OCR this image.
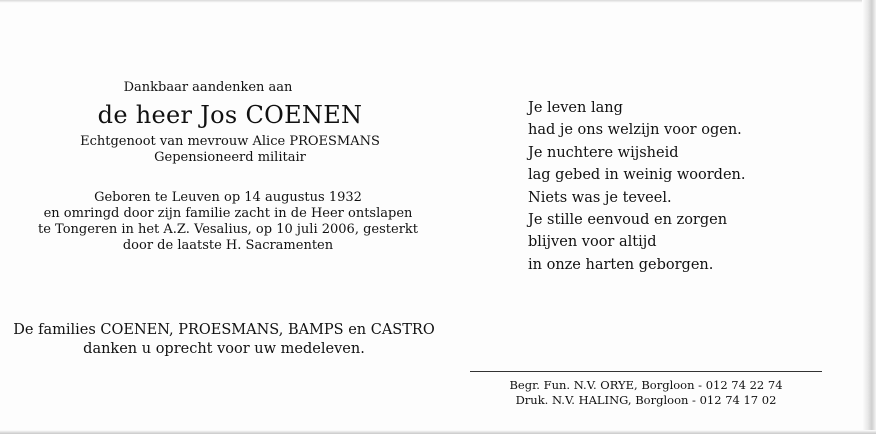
Dankbaar aandenken aan
de heer Jos COENEN
Echtgenoot van mevrouw Alice PROESMANS
Gepensioneerd militair
Geboren te Leuven op 14 augustus 1932
en omringd door zijn familie zacht in de Heer ontslapen
te Tongeren in het A.Z. Vesalius, op 10 juli 2006, gesterkt
door de laatste H. Sacramenten
De families COENEN, PROESMANS, BAMPS en CASTRO
danken u oprecht voor uw medeleven.
Je leven lang
had je ons welzijn voor ogen.
Je nuchtere wijsheid
lag gebed in weinig woorden.
Niets was je teveel.
Je stille eenvoud en zorgen
blijven voor altijd
in onze harten geborgen.
Begr. Fun. N.V. ORYE, Borgloon - 012 74 22 74
Druk. N.V. HALING, Borgloon - 012 74 17 02
